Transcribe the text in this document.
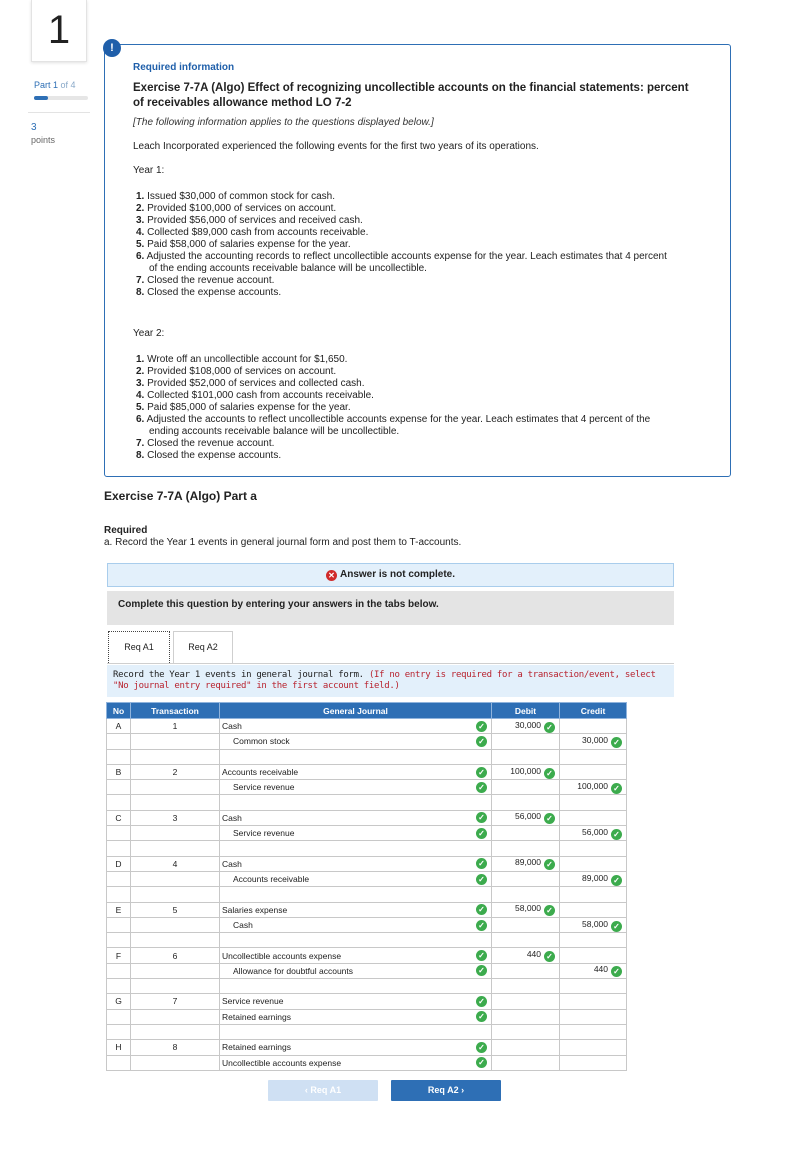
1
Part 1 of 4
3
points
Required information
Exercise 7-7A (Algo) Effect of recognizing uncollectible accounts on the financial statements: percent of receivables allowance method LO 7-2
[The following information applies to the questions displayed below.]
Leach Incorporated experienced the following events for the first two years of its operations.
Year 1:
1. Issued $30,000 of common stock for cash.
2. Provided $100,000 of services on account.
3. Provided $56,000 of services and received cash.
4. Collected $89,000 cash from accounts receivable.
5. Paid $58,000 of salaries expense for the year.
6. Adjusted the accounting records to reflect uncollectible accounts expense for the year. Leach estimates that 4 percent
of the ending accounts receivable balance will be uncollectible.
7. Closed the revenue account.
8. Closed the expense accounts.
Year 2:
1. Wrote off an uncollectible account for $1,650.
2. Provided $108,000 of services on account.
3. Provided $52,000 of services and collected cash.
4. Collected $101,000 cash from accounts receivable.
5. Paid $85,000 of salaries expense for the year.
6. Adjusted the accounts to reflect uncollectible accounts expense for the year. Leach estimates that 4 percent of the
ending accounts receivable balance will be uncollectible.
7. Closed the revenue account.
8. Closed the expense accounts.
!
Exercise 7-7A (Algo) Part a
Required
a. Record the Year 1 events in general journal form and post them to T-accounts.
✕ Answer is not complete.
Complete this question by entering your answers in the tabs below.
Req A1	Req A2
Record the Year 1 events in general journal form. (If no entry is required for a transaction/event, select "No journal entry required" in the first account field.)
No	Transaction	General Journal	Debit	Credit
A	1	Cash ✓	30,000 ✓	

		Common stock ✓		30,000 ✓

B	2	Accounts receivable ✓	100,000 ✓	

		Service revenue ✓		100,000 ✓

C	3	Cash ✓	56,000 ✓	

		Service revenue ✓		56,000 ✓

D	4	Cash ✓	89,000 ✓	

		Accounts receivable ✓		89,000 ✓

E	5	Salaries expense ✓	58,000 ✓	

		Cash ✓		58,000 ✓

F	6	Uncollectible accounts expense ✓	440 ✓	

		Allowance for doubtful accounts ✓		440 ✓

G	7	Service revenue ✓		

		Retained earnings ✓		

H	8	Retained earnings ✓		

		Uncollectible accounts expense ✓		

‹ Req A1	Req A2 ›
